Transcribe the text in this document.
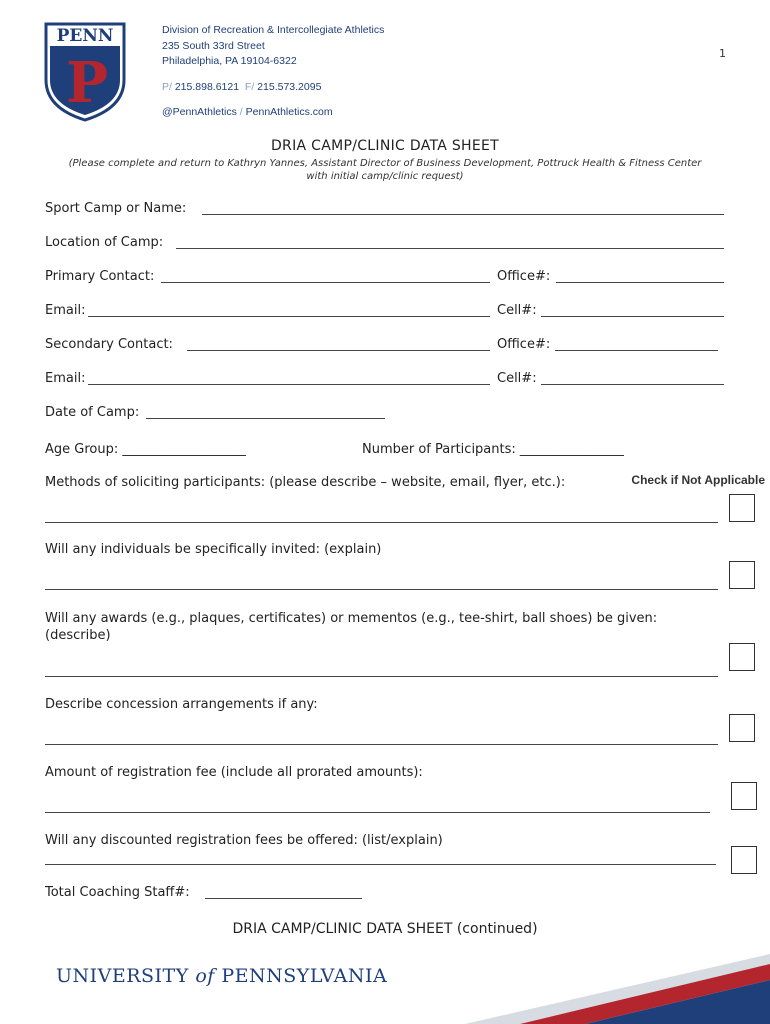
PENN
P
Division of Recreation & Intercollegiate Athletics
235 South 33rd Street
Philadelphia, PA 19104-6322
P/ 215.898.6121  F/ 215.573.2095
@PennAthletics / PennAthletics.com
1
DRIA CAMP/CLINIC DATA SHEET
(Please complete and return to Kathryn Yannes, Assistant Director of Business Development, Pottruck Health & Fitness Center
with initial camp/clinic request)
Sport Camp or Name:
Location of Camp:
Primary Contact:	Office#:
Email:	Cell#:
Secondary Contact:	Office#:
Email:	Cell#:
Date of Camp:
Age Group: ___________________	Number of Participants: ________________
Methods of soliciting participants: (please describe – website, email, flyer, etc.):	Check if Not Applicable
Will any individuals be specifically invited: (explain)
Will any awards (e.g., plaques, certificates) or mementos (e.g., tee-shirt, ball shoes) be given:
(describe)
Describe concession arrangements if any:
Amount of registration fee (include all prorated amounts):
Will any discounted registration fees be offered: (list/explain)
Total Coaching Staff#:
DRIA CAMP/CLINIC DATA SHEET (continued)
UNIVERSITY of PENNSYLVANIA
